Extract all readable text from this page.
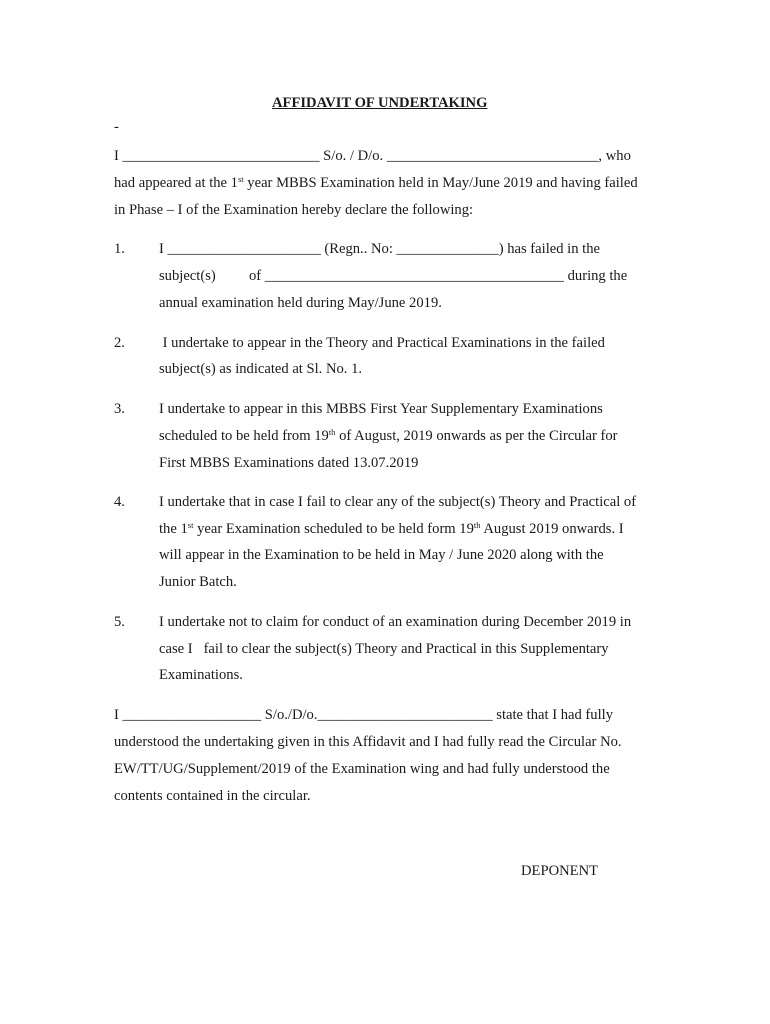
AFFIDAVIT OF UNDERTAKING
-
I ___________________________ S/o. / D/o. _____________________________, who
had appeared at the 1st year MBBS Examination held in May/June 2019 and having failed
in Phase – I of the Examination hereby declare the following:
1. I _____________________ (Regn.. No: ______________) has failed in the
subject(s) of _________________________________________ during the
annual examination held during May/June 2019.
2. I undertake to appear in the Theory and Practical Examinations in the failed
subject(s) as indicated at Sl. No. 1.
3. I undertake to appear in this MBBS First Year Supplementary Examinations
scheduled to be held from 19th of August, 2019 onwards as per the Circular for
First MBBS Examinations dated 13.07.2019
4. I undertake that in case I fail to clear any of the subject(s) Theory and Practical of
the 1st year Examination scheduled to be held form 19th August 2019 onwards. I
will appear in the Examination to be held in May / June 2020 along with the
Junior Batch.
5. I undertake not to claim for conduct of an examination during December 2019 in
case I   fail to clear the subject(s) Theory and Practical in this Supplementary
Examinations.
I ___________________ S/o./D/o.________________________ state that I had fully
understood the undertaking given in this Affidavit and I had fully read the Circular No.
EW/TT/UG/Supplement/2019 of the Examination wing and had fully understood the
contents contained in the circular.
DEPONENT
